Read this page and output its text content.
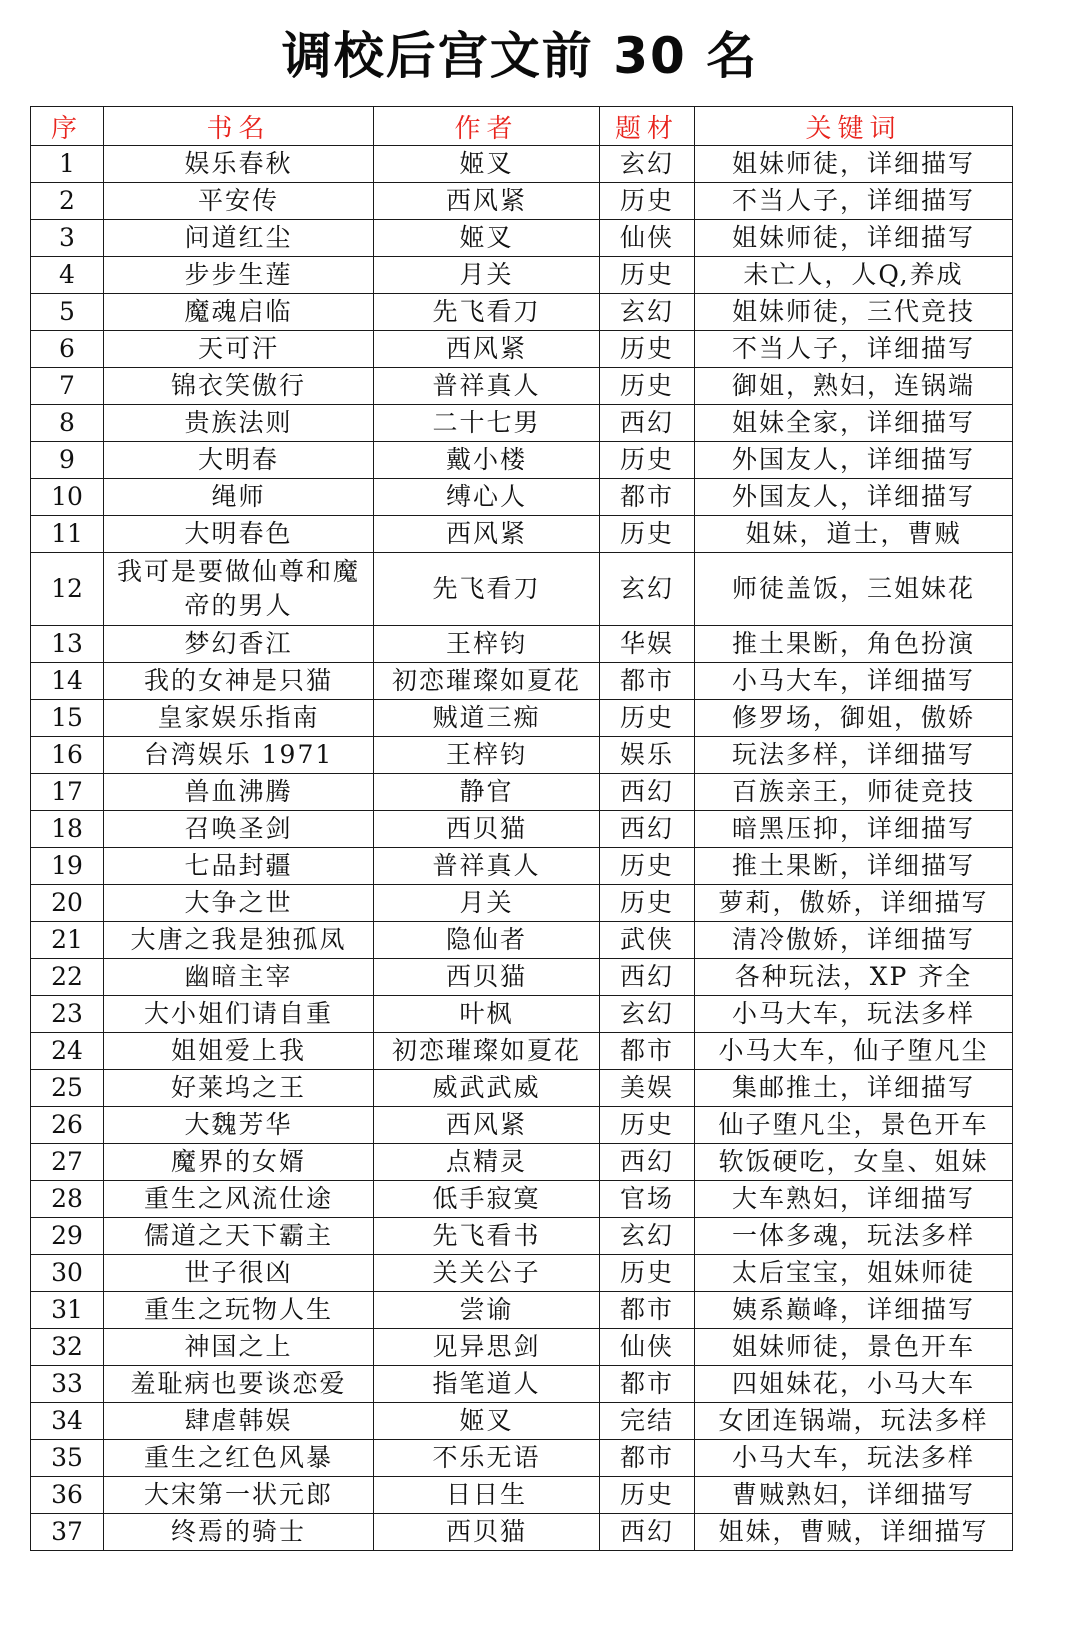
调校后宫文前 30 名
序	书名	作者	题材	关键词
1	娱乐春秋	姬叉	玄幻	姐妹师徒，详细描写
2	平安传	西风紧	历史	不当人子，详细描写
3	问道红尘	姬叉	仙侠	姐妹师徒，详细描写
4	步步生莲	月关	历史	未亡人，人Q,养成
5	魔魂启临	先飞看刀	玄幻	姐妹师徒，三代竞技
6	天可汗	西风紧	历史	不当人子，详细描写
7	锦衣笑傲行	普祥真人	历史	御姐，熟妇，连锅端
8	贵族法则	二十七男	西幻	姐妹全家，详细描写
9	大明春	戴小楼	历史	外国友人，详细描写
10	绳师	缚心人	都市	外国友人，详细描写
11	大明春色	西风紧	历史	姐妹，道士，曹贼
12	我可是要做仙尊和魔帝的男人	先飞看刀	玄幻	师徒盖饭，三姐妹花
13	梦幻香江	王梓钧	华娱	推土果断，角色扮演
14	我的女神是只猫	初恋璀璨如夏花	都市	小马大车，详细描写
15	皇家娱乐指南	贼道三痴	历史	修罗场，御姐，傲娇
16	台湾娱乐 1971	王梓钧	娱乐	玩法多样，详细描写
17	兽血沸腾	静官	西幻	百族亲王，师徒竞技
18	召唤圣剑	西贝猫	西幻	暗黑压抑，详细描写
19	七品封疆	普祥真人	历史	推土果断，详细描写
20	大争之世	月关	历史	萝莉，傲娇，详细描写
21	大唐之我是独孤凤	隐仙者	武侠	清冷傲娇，详细描写
22	幽暗主宰	西贝猫	西幻	各种玩法，XP 齐全
23	大小姐们请自重	叶枫	玄幻	小马大车，玩法多样
24	姐姐爱上我	初恋璀璨如夏花	都市	小马大车，仙子堕凡尘
25	好莱坞之王	威武武威	美娱	集邮推土，详细描写
26	大魏芳华	西风紧	历史	仙子堕凡尘，景色开车
27	魔界的女婿	点精灵	西幻	软饭硬吃，女皇、姐妹
28	重生之风流仕途	低手寂寞	官场	大车熟妇，详细描写
29	儒道之天下霸主	先飞看书	玄幻	一体多魂，玩法多样
30	世子很凶	关关公子	历史	太后宝宝，姐妹师徒
31	重生之玩物人生	尝谕	都市	姨系巅峰，详细描写
32	神国之上	见异思剑	仙侠	姐妹师徒，景色开车
33	羞耻病也要谈恋爱	指笔道人	都市	四姐妹花，小马大车
34	肆虐韩娱	姬叉	完结	女团连锅端，玩法多样
35	重生之红色风暴	不乐无语	都市	小马大车，玩法多样
36	大宋第一状元郎	日日生	历史	曹贼熟妇，详细描写
37	终焉的骑士	西贝猫	西幻	姐妹，曹贼，详细描写
